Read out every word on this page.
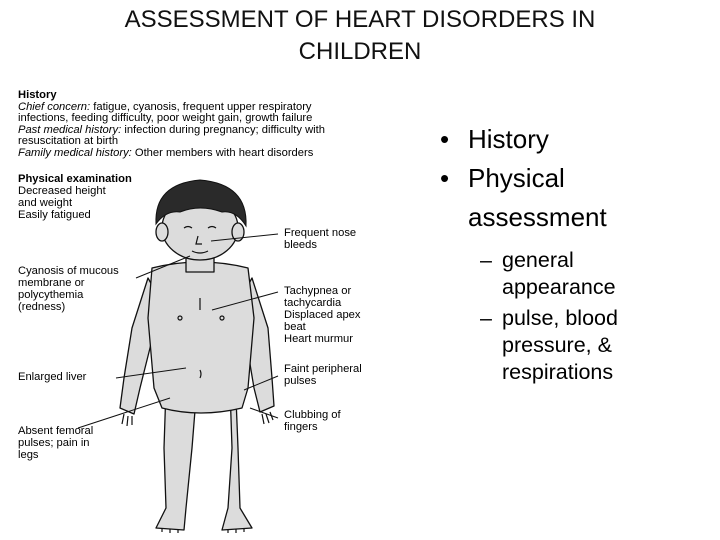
ASSESSMENT OF HEART DISORDERS IN
CHILDREN
History
Chief concern: fatigue, cyanosis, frequent upper respiratory
infections, feeding difficulty, poor weight gain, growth failure
Past medical history: infection during pregnancy; difficulty with
resuscitation at birth
Family medical history: Other members with heart disorders
Physical examination
Decreased height
and weight
Easily fatigued
Frequent nose
bleeds
Cyanosis of mucous
membrane or
polycythemia
(redness)
Tachypnea or
tachycardia
Displaced apex
beat
Heart murmur
Enlarged liver
Faint peripheral
pulses
Clubbing of
fingers
Absent femoral
pulses; pain in
legs
• History
• Physical
assessment
– general
appearance
– pulse, blood
pressure, &
respirations
